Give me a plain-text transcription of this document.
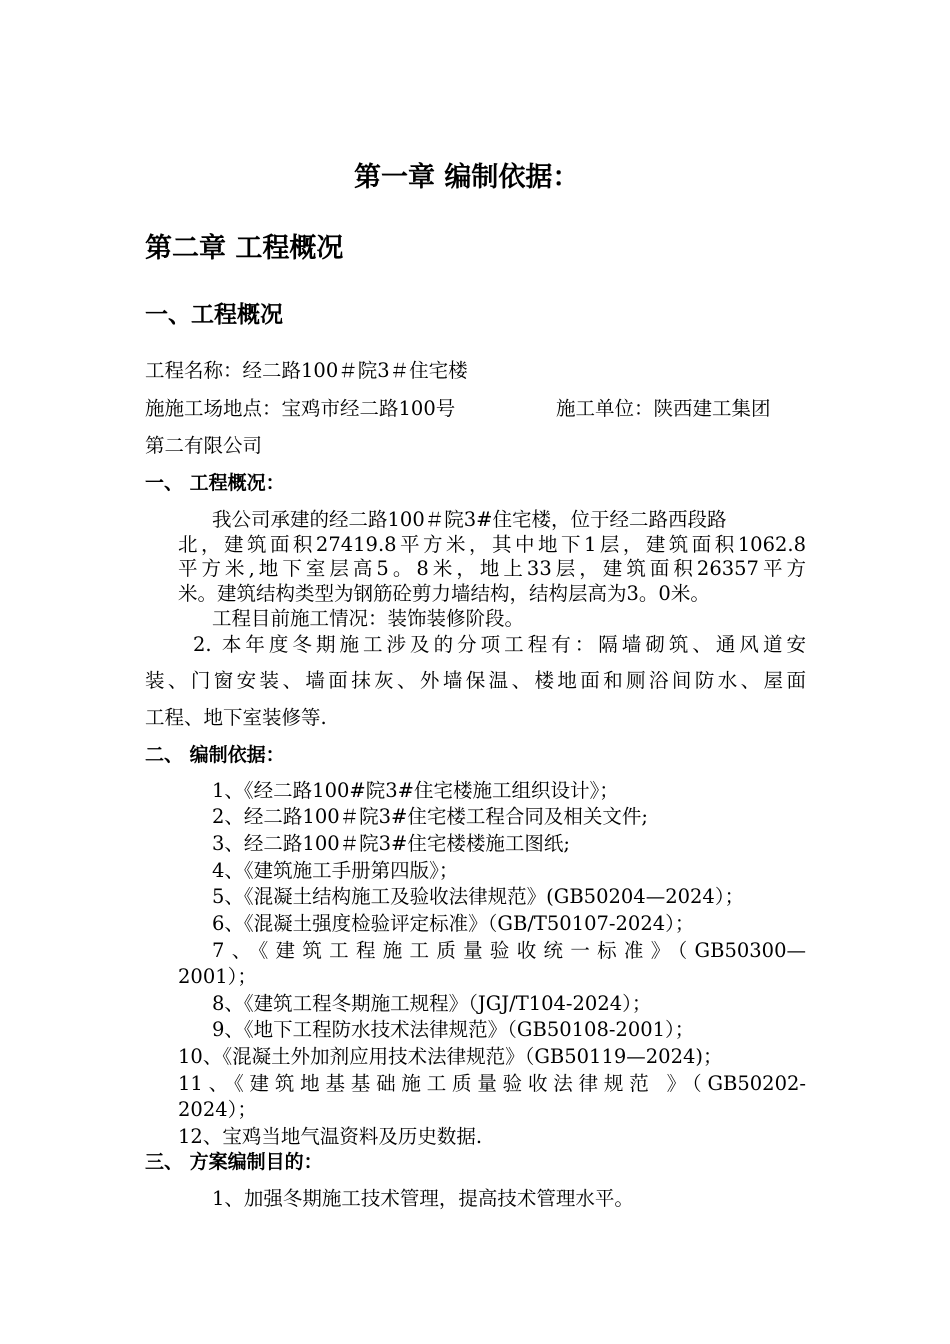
第一章 编制依据：
第二章 工程概况
一、工程概况
工程名称：经二路100＃院3＃住宅楼
施施工场地点：宝鸡市经二路100号	施工单位：陕西建工集团
第二有限公司
一、 工程概况：
我公司承建的经二路100＃院3#住宅楼，位于经二路西段路
北，建筑面积27419.8平方米，其中地下1层，建筑面积1062.8
平方米,地下室层高5。8米，地上33层，建筑面积26357平方
米。建筑结构类型为钢筋砼剪力墙结构，结构层高为3。0米。
工程目前施工情况：装饰装修阶段。
2. 本年度冬期施工涉及的分项工程有：隔墙砌筑、通风道安
装、门窗安装、墙面抹灰、外墙保温、楼地面和厕浴间防水、屋面
工程、地下室装修等.
二、 编制依据：
1、《经二路100#院3#住宅楼施工组织设计》；
2、经二路100＃院3#住宅楼工程合同及相关文件;
3、经二路100＃院3#住宅楼楼施工图纸;
4、《建筑施工手册第四版》；
5、《混凝土结构施工及验收法律规范》(GB50204—2024）；
6、《混凝土强度检验评定标准》（GB/T50107-2024）；
7、《建筑工程施工质量验收统一标准》（GB50300—
2001）；
8、《建筑工程冬期施工规程》（JGJ/T104-2024）；
9、《地下工程防水技术法律规范》（GB50108-2001）；
10、《混凝土外加剂应用技术法律规范》（GB50119—2024)；
11、《建筑地基基础施工质量验收法律规范 》（GB50202-
2024）；
12、宝鸡当地气温资料及历史数据.
三、 方案编制目的：
1、加强冬期施工技术管理，提高技术管理水平。
